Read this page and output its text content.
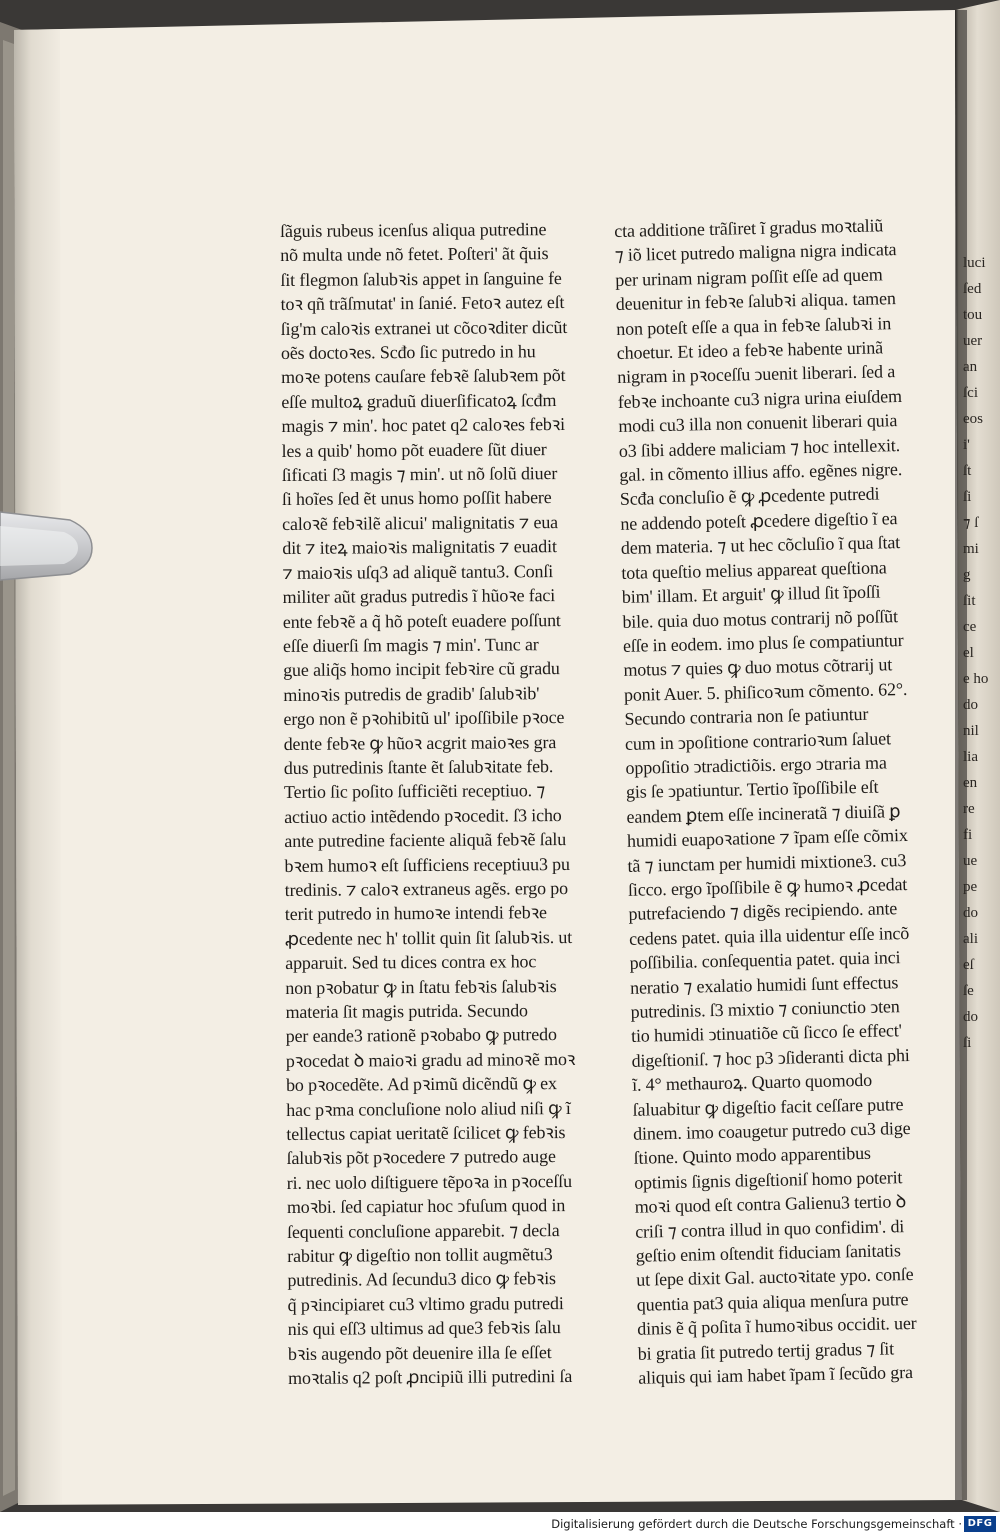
ſãguis rubeus icenſus aliqua putredine
nõ multa unde nõ fetet. Poſteri' ãt q̃uis
ſit flegmon ſalubꝛis appet in ſanguine fe
toꝛ qñ trãſmutat' in ſanié. Fetoꝛ autez eſt
ſig'm caloꝛis extranei ut cõcoꝛditer dicũt
oẽs doctoꝛes. Scđo ſic putredo in hu
moꝛe potens cauſare febꝛẽ ſalubꝛem põt
eſſe multoꝝ graduũ diuerſificatoꝝ ſcđm
magis ⁊ min'. hoc patet q2 caloꝛes febꝛi
les a quib' homo põt euadere ſũt diuer
ſificati ſ3 magis ⁊ min'. ut nõ ſolũ diuer
ſi hoĩes ſed ẽt unus homo poſſit habere
caloꝛẽ febꝛilẽ alicui' malignitatis ⁊ eua
dit ⁊ iteꝝ maioꝛis malignitatis ⁊ euadit
⁊ maioꝛis uſq3 ad aliquẽ tantu3. Conſi
militer aũt gradus putredis ĩ hũoꝛe faci
ente febꝛẽ a q̃ hõ poteſt euadere poſſunt
eſſe diuerſi ſm magis ⁊ min'. Tunc ar
gue aliq̃s homo incipit febꝛire cũ gradu
minoꝛis putredis de gradib' ſalubꝛib'
ergo non ẽ pꝛohibitũ ul' ipoſſibile pꝛoce
dente febꝛe ꝙ hũoꝛ acgrit maioꝛes gra
dus putredinis ſtante ẽt ſalubꝛitate feb.
Tertio ſic poſito ſufficiẽti receptiuo. ⁊
actiuo actio intẽdendo pꝛocedit. ſ3 icho
ante putredine faciente aliquã febꝛẽ ſalu
bꝛem humoꝛ eſt ſufficiens receptiuu3 pu
tredinis. ⁊ caloꝛ extraneus agẽs. ergo po
terit putredo in humoꝛe intendi febꝛe
ꝓcedente nec h' tollit quin ſit ſalubꝛis. ut
apparuit. Sed tu dices contra ex hoc
non pꝛobatur ꝙ in ſtatu febꝛis ſalubꝛis
materia ſit magis putrida. Secundo
per eande3 rationẽ pꝛobabo ꝙ putredo
pꝛocedat ꝺ maioꝛi gradu ad minoꝛẽ moꝛ
bo pꝛocedẽte. Ad pꝛimũ dicẽndũ ꝙ ex
hac pꝛma concluſione nolo aliud niſi ꝙ ĩ
tellectus capiat ueritatẽ ſcilicet ꝙ febꝛis
ſalubꝛis põt pꝛocedere ⁊ putredo auge
ri. nec uolo diſtiguere tẽpoꝛa in pꝛoceſſu
moꝛbi. ſed capiatur hoc ↄfuſum quod in
ſequenti concluſione apparebit. ⁊ decla
rabitur ꝙ digeſtio non tollit augmẽtu3
putredinis. Ad ſecundu3 dico ꝙ febꝛis
q̃ pꝛincipiaret cu3 vltimo gradu putredi
nis qui eſſ3 ultimus ad que3 febꝛis ſalu
bꝛis augendo põt deuenire illa ſe eſſet
moꝛtalis q2 poſt ꝓncipiũ illi putredini ſa
cta additione trãſiret ĩ gradus moꝛtaliũ
⁊ iõ licet putredo maligna nigra indicata
per urinam nigram poſſit eſſe ad quem
deuenitur in febꝛe ſalubꝛi aliqua. tamen
non poteſt eſſe a qua in febꝛe ſalubꝛi in
choetur. Et ideo a febꝛe habente urinã
nigram in pꝛoceſſu ↄuenit liberari. ſed a
febꝛe inchoante cu3 nigra urina eiuſdem
modi cu3 illa non conuenit liberari quia
o3 ſibi addere maliciam ⁊ hoc intellexit.
gal. in cõmento illius affo. egẽnes nigre.
Scđa concluſio ẽ ꝙ ꝓcedente putredi
ne addendo poteſt ꝓcedere digeſtio ĩ ea
dem materia. ⁊ ut hec cõcluſio ĩ qua ſtat
tota queſtio melius appareat queſtiona
bim' illam. Et arguit' ꝙ illud ſit ĩpoſſi
bile. quia duo motus contrarij nõ poſſũt
eſſe in eodem. imo plus ſe compatiuntur
motus ⁊ quies ꝙ duo motus cõtrarij ut
ponit Auer. 5. phiſicoꝛum cõmento. 62°.
Secundo contraria non ſe patiuntur
cum in ↄpoſitione contrarioꝛum ſaluet
oppoſitio ↄtradictiõis. ergo ↄtraria ma
gis ſe ↄpatiuntur. Tertio ĩpoſſibile eſt
eandem ꝑtem eſſe incineratã ⁊ diuiſã ꝑ
humidi euapoꝛatione ⁊ ĩpam eſſe cõmix
tã ⁊ iunctam per humidi mixtione3. cu3
ſicco. ergo ĩpoſſibile ẽ ꝙ humoꝛ ꝓcedat
putrefaciendo ⁊ digẽs recipiendo. ante
cedens patet. quia illa uidentur eſſe incõ
poſſibilia. conſequentia patet. quia inci
neratio ⁊ exalatio humidi ſunt effectus
putredinis. ſ3 mixtio ⁊ coniunctio ↄten
tio humidi ↄtinuatiõe cũ ſicco ſe effect'
digeſtioniſ. ⁊ hoc p3 ↄſideranti dicta phi
ĩ. 4° methauroꝝ. Quarto quomodo
ſaluabitur ꝙ digeſtio facit ceſſare putre
dinem. imo coaugetur putredo cu3 dige
ſtione. Quinto modo apparentibus
optimis ſignis digeſtioniſ homo poterit
moꝛi quod eſt contra Galienu3 tertio ꝺ
criſi ⁊ contra illud in quo confidim'. di
geſtio enim oſtendit fiduciam ſanitatis
ut ſepe dixit Gal. auctoꝛitate ypo. conſe
quentia pat3 quia aliqua menſura putre
dinis ẽ q̃ poſita ĩ humoꝛibus occidit. uer
bi gratia ſit putredo tertij gradus ⁊ ſit
aliquis qui iam habet ĩpam ĩ ſecũdo gra
luci
ſed
tou
uer
an
ſci
eos
i'
ſt
ſi
⁊ ſ
mi
g
ſit
ce
el
e ho
do
nil
lia
en
re
fi
ue
pe
do
ali
eſ
ſe
do
ſi
Digitalisierung gefördert durch die Deutsche Forschungsgemeinschaft · DFG
